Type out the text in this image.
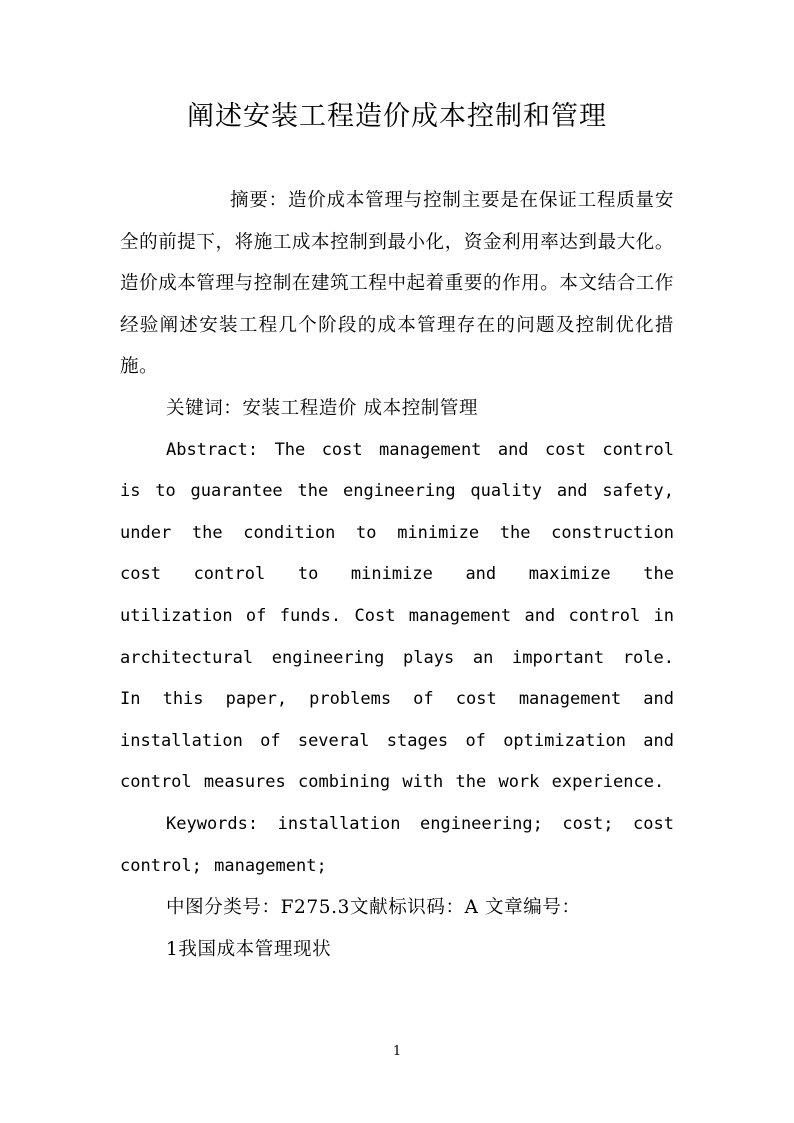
阐述安装工程造价成本控制和管理

摘要：造价成本管理与控制主要是在保证工程质量安全的前提下，将施工成本控制到最小化，资金利用率达到最大化。造价成本管理与控制在建筑工程中起着重要的作用。本文结合工作经验阐述安装工程几个阶段的成本管理存在的问题及控制优化措施。

关键词：安装工程造价 成本控制管理

Abstract: The cost management and cost control is to guarantee the engineering quality and safety, under the condition to minimize the construction cost control to minimize and maximize the utilization of funds. Cost management and control in architectural engineering plays an important role. In this paper, problems of cost management and installation of several stages of optimization and control measures combining with the work experience.

Keywords: installation engineering; cost; cost control; management;

中图分类号：F275.3文献标识码：A 文章编号：

1我国成本管理现状

1
